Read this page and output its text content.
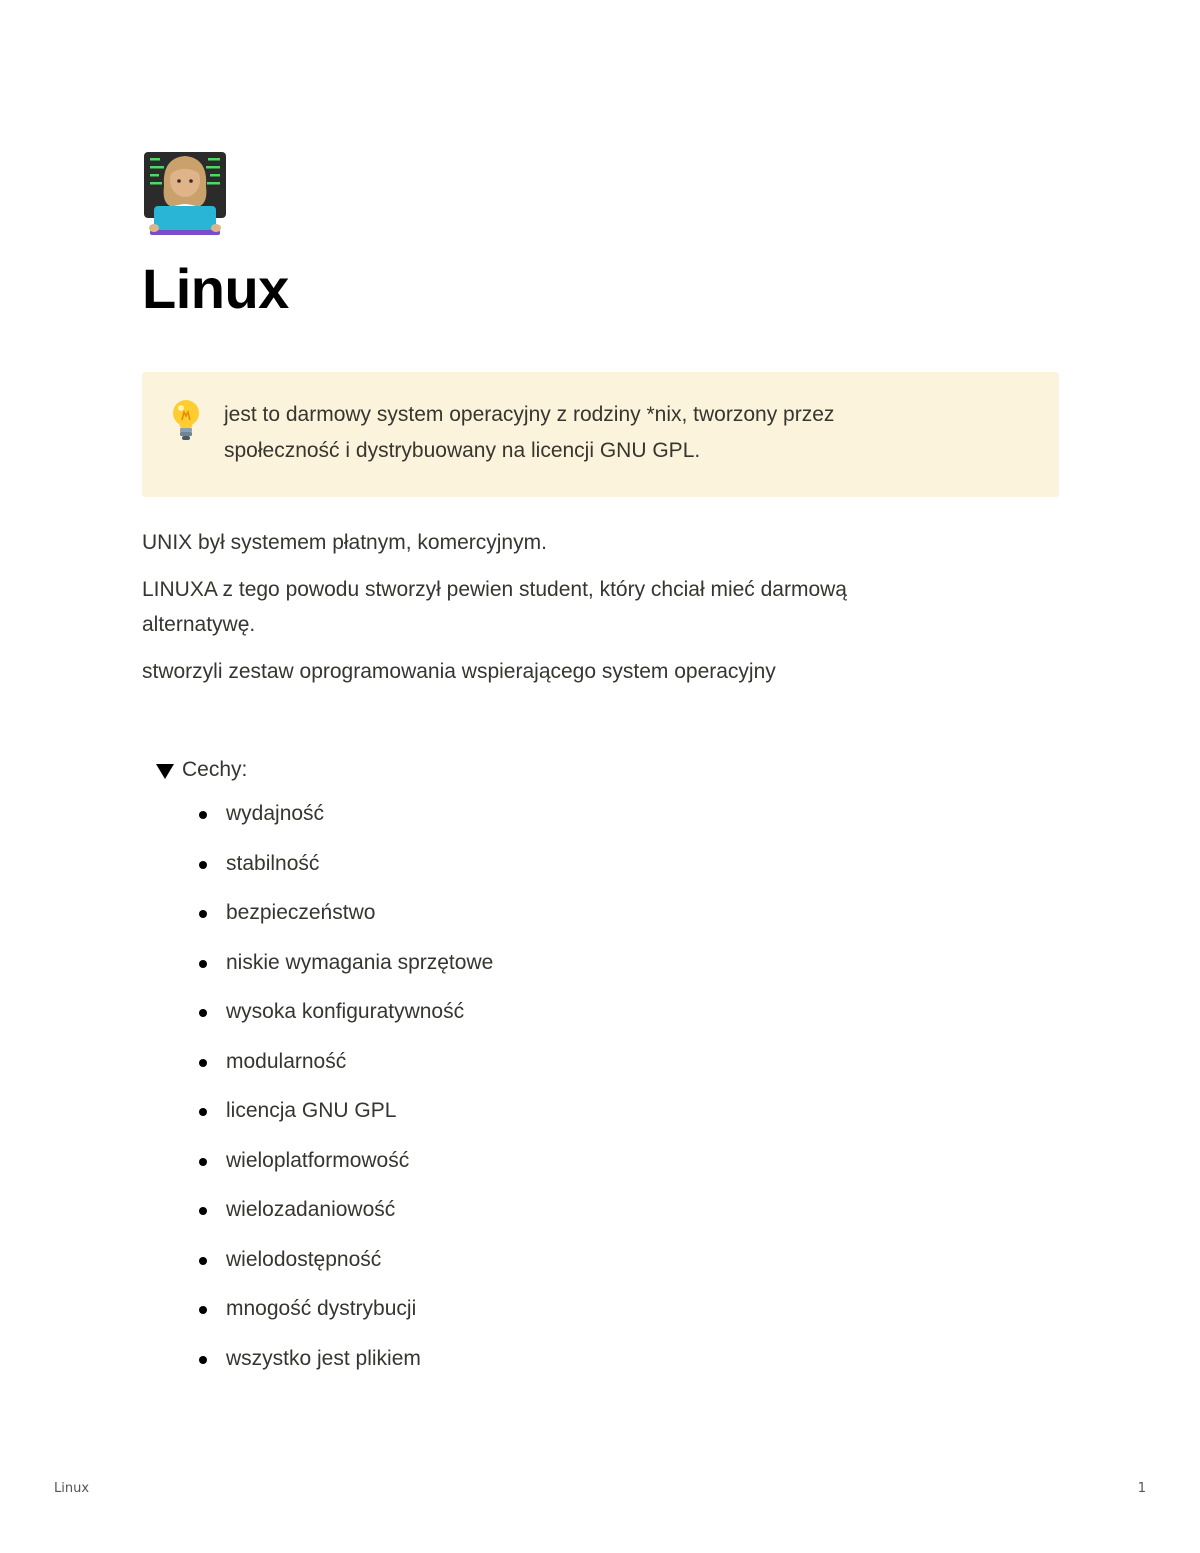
Linux
jest to darmowy system operacyjny z rodziny *nix, tworzony przez
społeczność i dystrybuowany na licencji GNU GPL.

UNIX był systemem płatnym, komercyjnym.

LINUXA z tego powodu stworzył pewien student, który chciał mieć darmową alternatywę.

stworzyli zestaw oprogramowania wspierającego system operacyjny

Cechy:
wydajność
stabilność
bezpieczeństwo
niskie wymagania sprzętowe
wysoka konfiguratywność
modularność
licencja GNU GPL
wieloplatformowość
wielozadaniowość
wielodostępność
mnogość dystrybucji
wszystko jest plikiem
Linux	1
